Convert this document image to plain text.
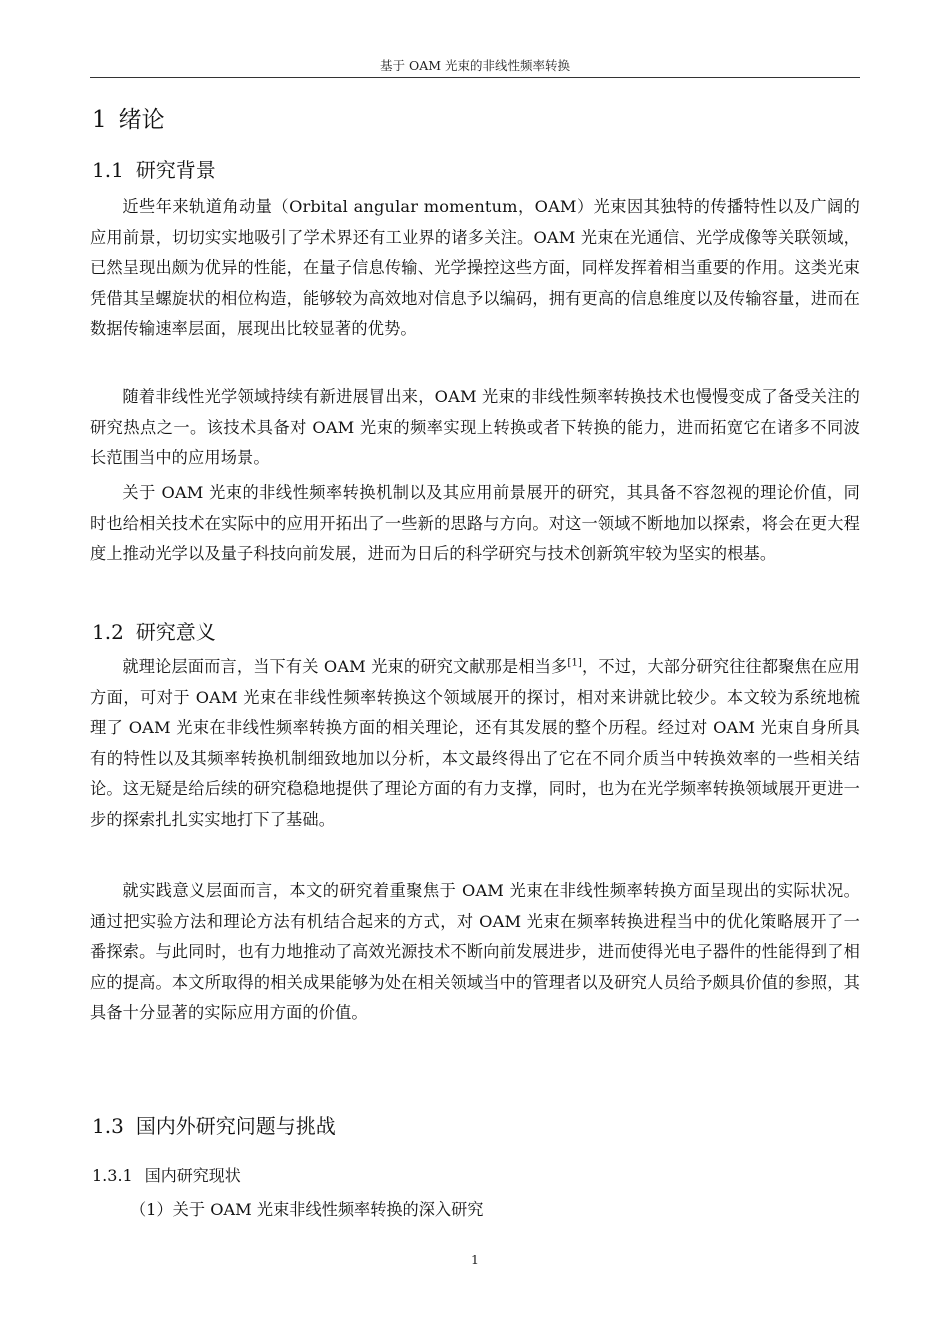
基于 OAM 光束的非线性频率转换
1 绪论
1.1 研究背景

近些年来轨道角动量（Orbital angular momentum，OAM）光束因其独特的传播特性以及广阔的应用前景，切切实实地吸引了学术界还有工业界的诸多关注。OAM 光束在光通信、光学成像等关联领域，已然呈现出颇为优异的性能，在量子信息传输、光学操控这些方面，同样发挥着相当重要的作用。这类光束凭借其呈螺旋状的相位构造，能够较为高效地对信息予以编码，拥有更高的信息维度以及传输容量，进而在数据传输速率层面，展现出比较显著的优势。

随着非线性光学领域持续有新进展冒出来，OAM 光束的非线性频率转换技术也慢慢变成了备受关注的研究热点之一。该技术具备对 OAM 光束的频率实现上转换或者下转换的能力，进而拓宽它在诸多不同波长范围当中的应用场景。

关于 OAM 光束的非线性频率转换机制以及其应用前景展开的研究，其具备不容忽视的理论价值，同时也给相关技术在实际中的应用开拓出了一些新的思路与方向。对这一领域不断地加以探索，将会在更大程度上推动光学以及量子科技向前发展，进而为日后的科学研究与技术创新筑牢较为坚实的根基。

1.2 研究意义

就理论层面而言，当下有关 OAM 光束的研究文献那是相当多[1]，不过，大部分研究往往都聚焦在应用方面，可对于 OAM 光束在非线性频率转换这个领域展开的探讨，相对来讲就比较少。本文较为系统地梳理了 OAM 光束在非线性频率转换方面的相关理论，还有其发展的整个历程。经过对 OAM 光束自身所具有的特性以及其频率转换机制细致地加以分析，本文最终得出了它在不同介质当中转换效率的一些相关结论。这无疑是给后续的研究稳稳地提供了理论方面的有力支撑，同时，也为在光学频率转换领域展开更进一步的探索扎扎实实地打下了基础。

就实践意义层面而言，本文的研究着重聚焦于 OAM 光束在非线性频率转换方面呈现出的实际状况。通过把实验方法和理论方法有机结合起来的方式，对 OAM 光束在频率转换进程当中的优化策略展开了一番探索。与此同时，也有力地推动了高效光源技术不断向前发展进步，进而使得光电子器件的性能得到了相应的提高。本文所取得的相关成果能够为处在相关领域当中的管理者以及研究人员给予颇具价值的参照，其具备十分显著的实际应用方面的价值。

1.3 国内外研究问题与挑战
1.3.1 国内研究现状

（1）关于 OAM 光束非线性频率转换的深入研究

1
